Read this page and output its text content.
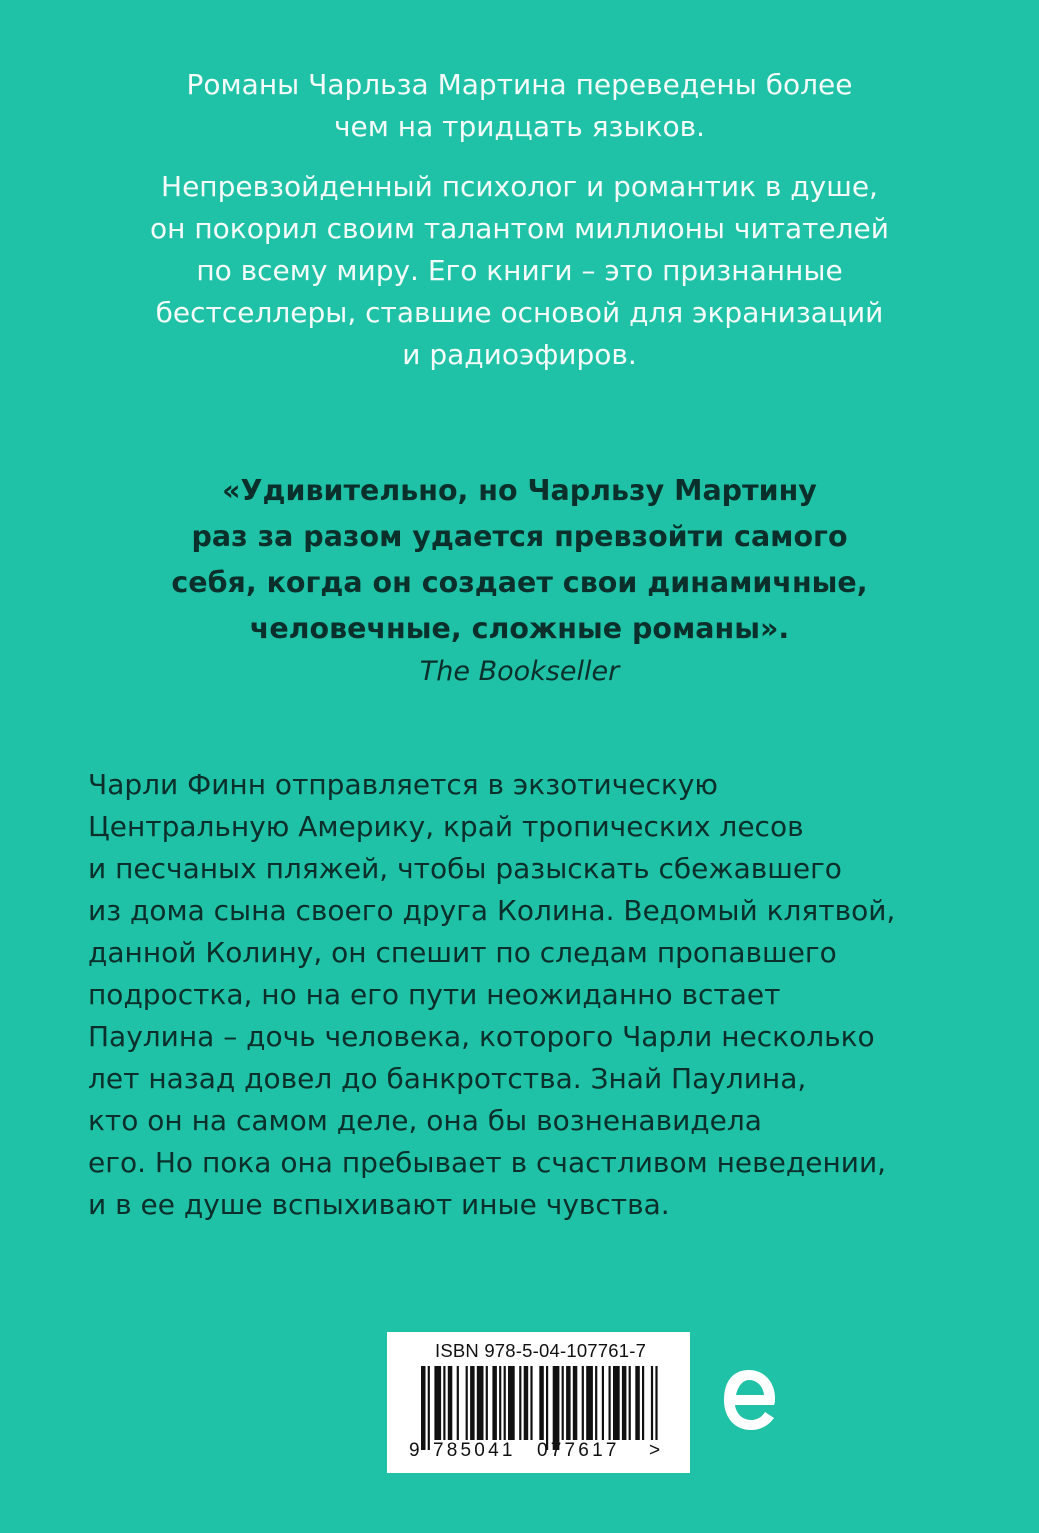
Романы Чарльза Мартина переведены более
чем на тридцать языков.

Непревзойденный психолог и романтик в душе,
он покорил своим талантом миллионы читателей
по всему миру. Его книги – это признанные
бестселлеры, ставшие основой для экранизаций
и радиоэфиров.

«Удивительно, но Чарльзу Мартину
раз за разом удается превзойти самого
себя, когда он создает свои динамичные,
человечные, сложные романы».
The Bookseller
Чарли Финн отправляется в экзотическую
Центральную Америку, край тропических лесов
и песчаных пляжей, чтобы разыскать сбежавшего
из дома сына своего друга Колина. Ведомый клятвой,
данной Колину, он спешит по следам пропавшего
подростка, но на его пути неожиданно встает
Паулина – дочь человека, которого Чарли несколько
лет назад довел до банкротства. Знай Паулина,
кто он на самом деле, она бы возненавидела
его. Но пока она пребывает в счастливом неведении,
и в ее душе вспыхивают иные чувства.
ISBN 978-5-04-107761-7
9 785041 077617 >
